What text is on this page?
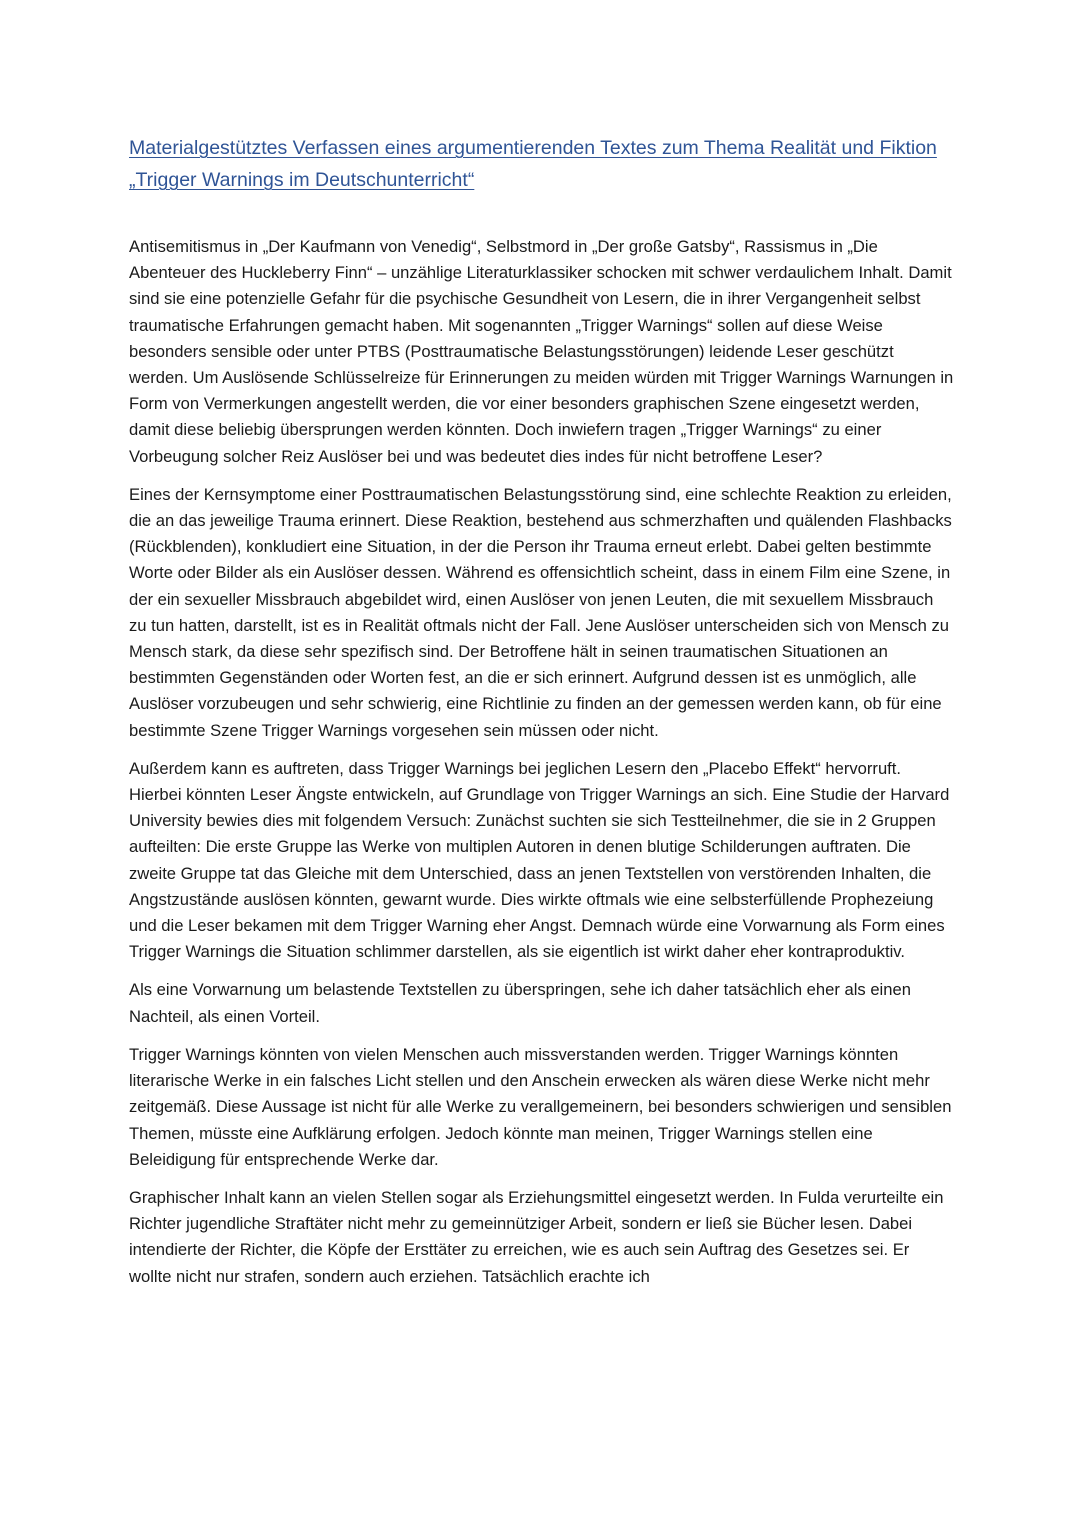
Materialgestütztes Verfassen eines argumentierenden Textes zum Thema Realität und Fiktion
„Trigger Warnings im Deutschunterricht“

Antisemitismus in „Der Kaufmann von Venedig“, Selbstmord in „Der große Gatsby“, Rassismus in „Die Abenteuer des Huckleberry Finn“ – unzählige Literaturklassiker schocken mit schwer verdaulichem Inhalt. Damit sind sie eine potenzielle Gefahr für die psychische Gesundheit von Lesern, die in ihrer Vergangenheit selbst traumatische Erfahrungen gemacht haben. Mit sogenannten „Trigger Warnings“ sollen auf diese Weise besonders sensible oder unter PTBS (Posttraumatische Belastungsstörungen) leidende Leser geschützt werden. Um Auslösende Schlüsselreize für Erinnerungen zu meiden würden mit Trigger Warnings Warnungen in Form von Vermerkungen angestellt werden, die vor einer besonders graphischen Szene eingesetzt werden, damit diese beliebig übersprungen werden könnten. Doch inwiefern tragen „Trigger Warnings“ zu einer Vorbeugung solcher Reiz Auslöser bei und was bedeutet dies indes für nicht betroffene Leser?

Eines der Kernsymptome einer Posttraumatischen Belastungsstörung sind, eine schlechte Reaktion zu erleiden, die an das jeweilige Trauma erinnert. Diese Reaktion, bestehend aus schmerzhaften und quälenden Flashbacks (Rückblenden), konkludiert eine Situation, in der die Person ihr Trauma erneut erlebt. Dabei gelten bestimmte Worte oder Bilder als ein Auslöser dessen. Während es offensichtlich scheint, dass in einem Film eine Szene, in der ein sexueller Missbrauch abgebildet wird, einen Auslöser von jenen Leuten, die mit sexuellem Missbrauch zu tun hatten, darstellt, ist es in Realität oftmals nicht der Fall. Jene Auslöser unterscheiden sich von Mensch zu Mensch stark, da diese sehr spezifisch sind. Der Betroffene hält in seinen traumatischen Situationen an bestimmten Gegenständen oder Worten fest, an die er sich erinnert. Aufgrund dessen ist es unmöglich, alle Auslöser vorzubeugen und sehr schwierig, eine Richtlinie zu finden an der gemessen werden kann, ob für eine bestimmte Szene Trigger Warnings vorgesehen sein müssen oder nicht.

Außerdem kann es auftreten, dass Trigger Warnings bei jeglichen Lesern den „Placebo Effekt“ hervorruft. Hierbei könnten Leser Ängste entwickeln, auf Grundlage von Trigger Warnings an sich. Eine Studie der Harvard University bewies dies mit folgendem Versuch: Zunächst suchten sie sich Testteilnehmer, die sie in 2 Gruppen aufteilten: Die erste Gruppe las Werke von multiplen Autoren in denen blutige Schilderungen auftraten. Die zweite Gruppe tat das Gleiche mit dem Unterschied, dass an jenen Textstellen von verstörenden Inhalten, die Angstzustände auslösen könnten, gewarnt wurde. Dies wirkte oftmals wie eine selbsterfüllende Prophezeiung und die Leser bekamen mit dem Trigger Warning eher Angst. Demnach würde eine Vorwarnung als Form eines Trigger Warnings die Situation schlimmer darstellen, als sie eigentlich ist wirkt daher eher kontraproduktiv.

Als eine Vorwarnung um belastende Textstellen zu überspringen, sehe ich daher tatsächlich eher als einen Nachteil, als einen Vorteil.

Trigger Warnings könnten von vielen Menschen auch missverstanden werden. Trigger Warnings könnten literarische Werke in ein falsches Licht stellen und den Anschein erwecken als wären diese Werke nicht mehr zeitgemäß. Diese Aussage ist nicht für alle Werke zu verallgemeinern, bei besonders schwierigen und sensiblen Themen, müsste eine Aufklärung erfolgen. Jedoch könnte man meinen, Trigger Warnings stellen eine Beleidigung für entsprechende Werke dar.

Graphischer Inhalt kann an vielen Stellen sogar als Erziehungsmittel eingesetzt werden. In Fulda verurteilte ein Richter jugendliche Straftäter nicht mehr zu gemeinnütziger Arbeit, sondern er ließ sie Bücher lesen. Dabei intendierte der Richter, die Köpfe der Ersttäter zu erreichen, wie es auch sein Auftrag des Gesetzes sei. Er wollte nicht nur strafen, sondern auch erziehen. Tatsächlich erachte ich
